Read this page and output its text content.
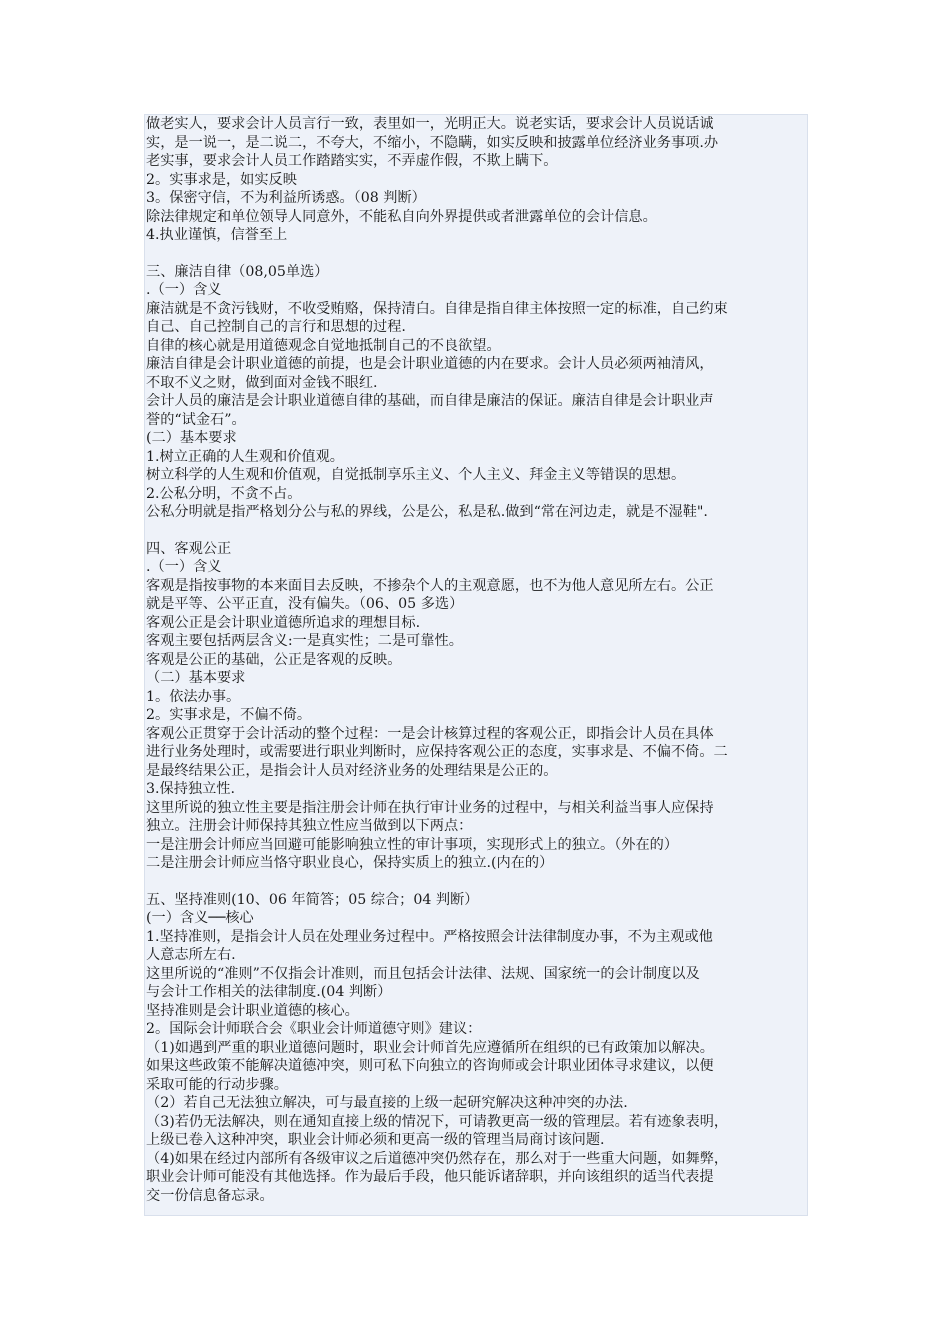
做老实人，要求会计人员言行一致，表里如一，光明正大。说老实话，要求会计人员说话诚
实，是一说一，是二说二，不夸大，不缩小，不隐瞒，如实反映和披露单位经济业务事项.办
老实事，要求会计人员工作踏踏实实，不弄虚作假，不欺上瞒下。
2。实事求是，如实反映
3。保密守信，不为利益所诱惑。（08 判断）
除法律规定和单位领导人同意外，不能私自向外界提供或者泄露单位的会计信息。
4.执业谨慎，信誉至上
三、廉洁自律（08,05单选）
.（一）含义
廉洁就是不贪污钱财，不收受贿赂，保持清白。自律是指自律主体按照一定的标准，自己约束
自己、自己控制自己的言行和思想的过程.
自律的核心就是用道德观念自觉地抵制自己的不良欲望。
廉洁自律是会计职业道德的前提，也是会计职业道德的内在要求。会计人员必须两袖清风，
不取不义之财，做到面对金钱不眼红.
会计人员的廉洁是会计职业道德自律的基础，而自律是廉洁的保证。廉洁自律是会计职业声
誉的“试金石”。
(二）基本要求
1.树立正确的人生观和价值观。
树立科学的人生观和价值观，自觉抵制享乐主义、个人主义、拜金主义等错误的思想。
2.公私分明，不贪不占。
公私分明就是指严格划分公与私的界线，公是公，私是私.做到“常在河边走，就是不湿鞋".
四、客观公正
.（一）含义
客观是指按事物的本来面目去反映，不掺杂个人的主观意愿，也不为他人意见所左右。公正
就是平等、公平正直，没有偏失。（06、05 多选）
客观公正是会计职业道德所追求的理想目标.
客观主要包括两层含义:一是真实性；二是可靠性。
客观是公正的基础，公正是客观的反映。
（二）基本要求
1。依法办事。
2。实事求是，不偏不倚。
客观公正贯穿于会计活动的整个过程：一是会计核算过程的客观公正，即指会计人员在具体
进行业务处理时，或需要进行职业判断时，应保持客观公正的态度，实事求是、不偏不倚。二
是最终结果公正，是指会计人员对经济业务的处理结果是公正的。
3.保持独立性.
这里所说的独立性主要是指注册会计师在执行审计业务的过程中，与相关利益当事人应保持
独立。注册会计师保持其独立性应当做到以下两点：
一是注册会计师应当回避可能影响独立性的审计事项，实现形式上的独立。（外在的）
二是注册会计师应当恪守职业良心，保持实质上的独立.(内在的）
五、坚持准则(10、06 年简答；05 综合；04 判断）
(一）含义──核心
1.坚持准则，是指会计人员在处理业务过程中。严格按照会计法律制度办事，不为主观或他
人意志所左右.
这里所说的“准则”不仅指会计准则，而且包括会计法律、法规、国家统一的会计制度以及
与会计工作相关的法律制度.(04 判断）
坚持准则是会计职业道德的核心。
2。国际会计师联合会《职业会计师道德守则》建议：
（1)如遇到严重的职业道德问题时，职业会计师首先应遵循所在组织的已有政策加以解决。
如果这些政策不能解决道德冲突，则可私下向独立的咨询师或会计职业团体寻求建议，以便
采取可能的行动步骤。
（2）若自己无法独立解决，可与最直接的上级一起研究解决这种冲突的办法.
（3)若仍无法解决，则在通知直接上级的情况下，可请教更高一级的管理层。若有迹象表明，
上级已卷入这种冲突，职业会计师必须和更高一级的管理当局商讨该问题.
（4)如果在经过内部所有各级审议之后道德冲突仍然存在，那么对于一些重大问题，如舞弊，
职业会计师可能没有其他选择。作为最后手段，他只能诉诸辞职，并向该组织的适当代表提
交一份信息备忘录。
